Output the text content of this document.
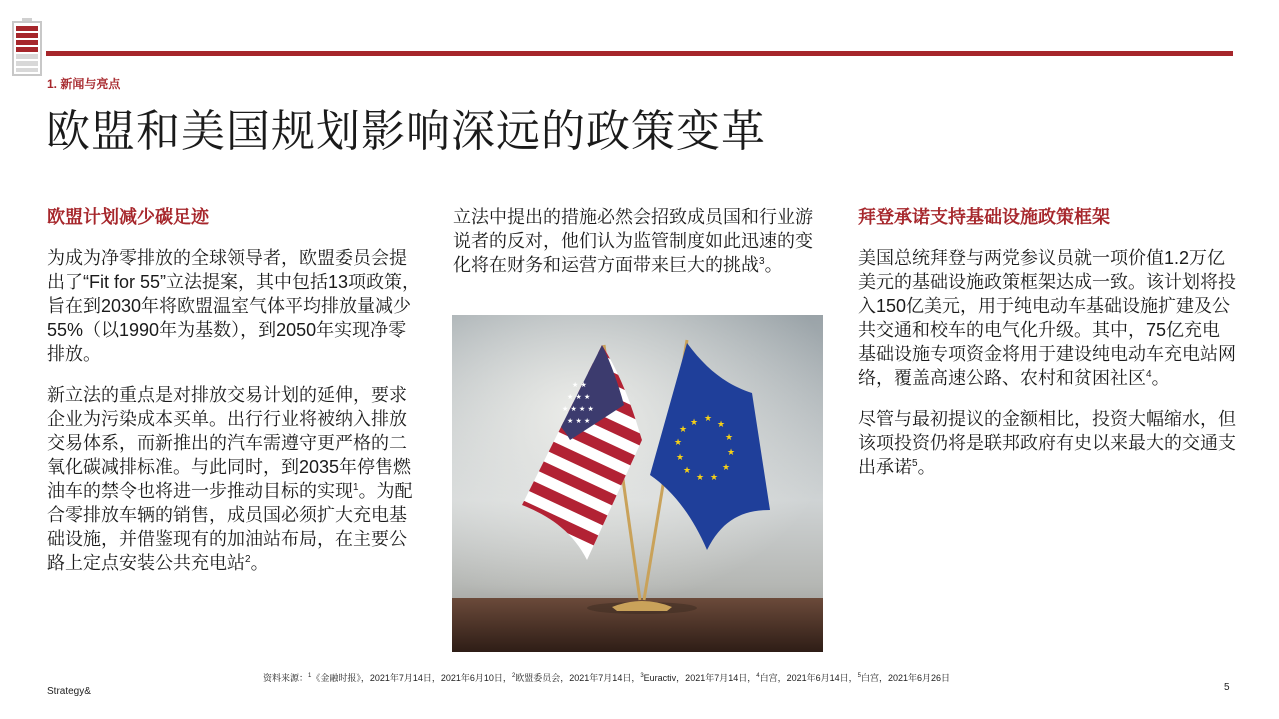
1. 新闻与亮点
欧盟和美国规划影响深远的政策变革
欧盟计划减少碳足迹

为成为净零排放的全球领导者，欧盟委员会提出了“Fit for 55”立法提案，其中包括13项政策，旨在到2030年将欧盟温室气体平均排放量减少55%（以1990年为基数），到2050年实现净零排放。

新立法的重点是对排放交易计划的延伸，要求企业为污染成本买单。出行行业将被纳入排放交易体系，而新推出的汽车需遵守更严格的二氧化碳减排标准。与此同时，到2035年停售燃油车的禁令也将进一步推动目标的实现$^1$。为配合零排放车辆的销售，成员国必须扩大充电基础设施，并借鉴现有的加油站布局，在主要公路上定点安装公共充电站$^2$。

立法中提出的措施必然会招致成员国和行业游说者的反对，他们认为监管制度如此迅速的变化将在财务和运营方面带来巨大的挑战$^3$。

★ ★
★ ★ ★
★ ★ ★ ★
★ ★ ★	★ ★
★
★
★
★
★
★
★
★
★
★
拜登承诺支持基础设施政策框架

美国总统拜登与两党参议员就一项价值1.2万亿美元的基础设施政策框架达成一致。该计划将投入150亿美元，用于纯电动车基础设施扩建及公共交通和校车的电气化升级。其中，75亿充电基础设施专项资金将用于建设纯电动车充电站网络，覆盖高速公路、农村和贫困社区$^4$。

尽管与最初提议的金额相比，投资大幅缩水，但该项投资仍将是联邦政府有史以来最大的交通支出承诺$^5$。

资料来源：$^1$《金融时报》，2021年7月14日，2021年6月10日，$^2$欧盟委员会，2021年7月14日，$^3$Euractiv，2021年7月14日，$^4$白宫，2021年6月14日，$^5$白宫，2021年6月26日
Strategy&	5
